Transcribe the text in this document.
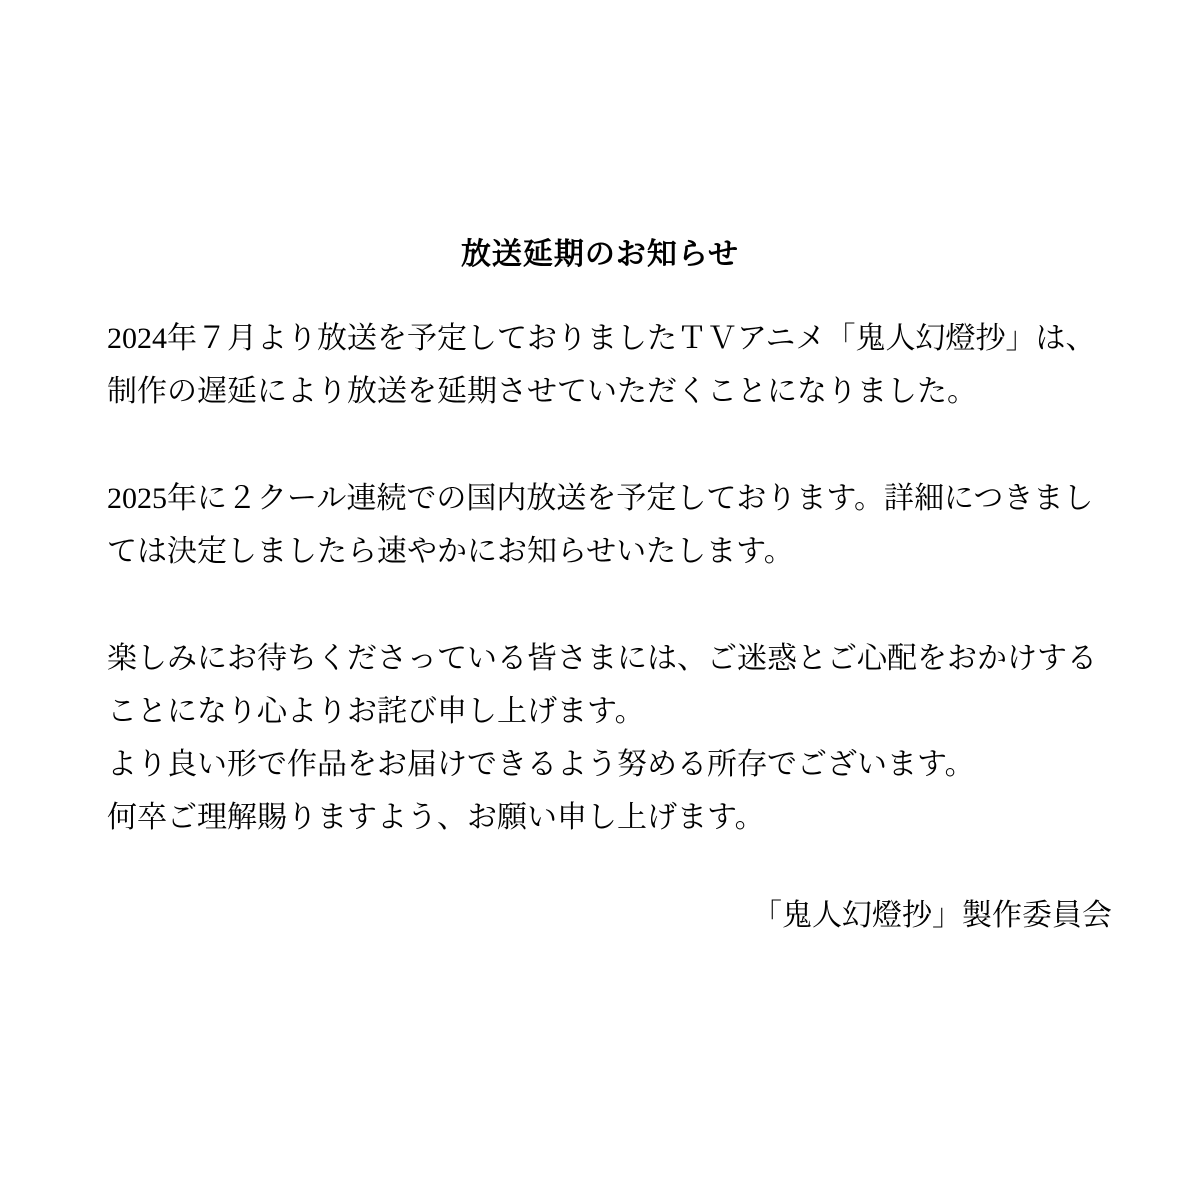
放送延期のお知らせ
2024年７月より放送を予定しておりましたＴＶアニメ「鬼人幻燈抄」は、
制作の遅延により放送を延期させていただくことになりました。
2025年に２クール連続での国内放送を予定しております。詳細につきまし
ては決定しましたら速やかにお知らせいたします。
楽しみにお待ちくださっている皆さまには、ご迷惑とご心配をおかけする
ことになり心よりお詫び申し上げます。
より良い形で作品をお届けできるよう努める所存でございます。
何卒ご理解賜りますよう、お願い申し上げます。
「鬼人幻燈抄」製作委員会
